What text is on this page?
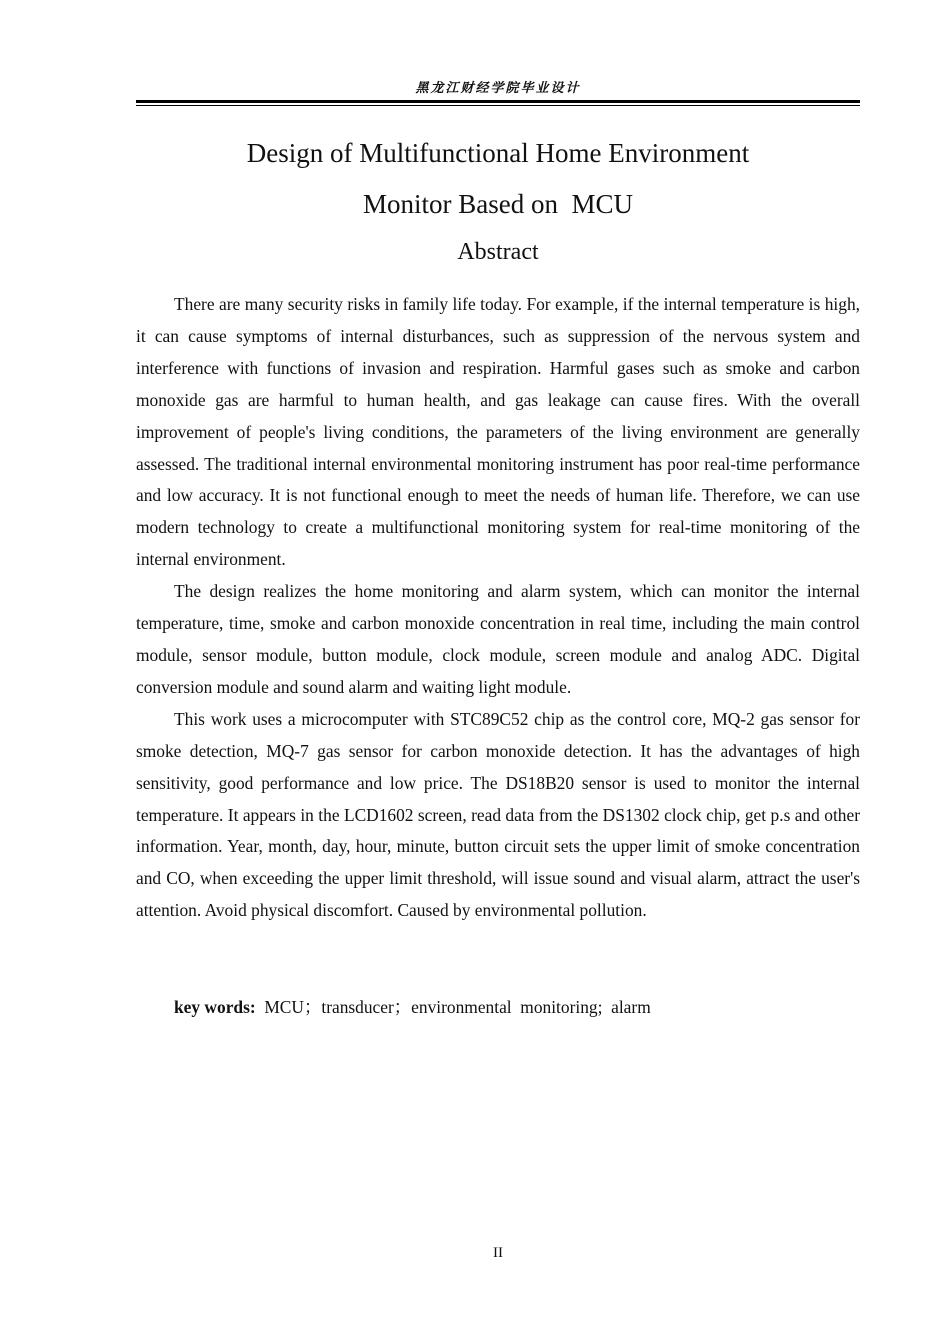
黑龙江财经学院毕业设计
Design of Multifunctional Home Environment
Monitor Based on  MCU
Abstract

There are many security risks in family life today. For example, if the internal temperature is high, it can cause symptoms of internal disturbances, such as suppression of the nervous system and interference with functions of invasion and respiration. Harmful gases such as smoke and carbon monoxide gas are harmful to human health, and gas leakage can cause fires. With the overall improvement of people's living conditions, the parameters of the living environment are generally assessed. The traditional internal environmental monitoring instrument has poor real-time performance and low accuracy. It is not functional enough to meet the needs of human life. Therefore, we can use modern technology to create a multifunctional monitoring system for real-time monitoring of the internal environment.

The design realizes the home monitoring and alarm system, which can monitor the internal temperature, time, smoke and carbon monoxide concentration in real time, including the main control module, sensor module, button module, clock module, screen module and analog ADC. Digital conversion module and sound alarm and waiting light module.

This work uses a microcomputer with STC89C52 chip as the control core, MQ-2 gas sensor for smoke detection, MQ-7 gas sensor for carbon monoxide detection. It has the advantages of high sensitivity, good performance and low price. The DS18B20 sensor is used to monitor the internal temperature. It appears in the LCD1602 screen, read data from the DS1302 clock chip, get p.s and other information. Year, month, day, hour, minute, button circuit sets the upper limit of smoke concentration and CO, when exceeding the upper limit threshold, will issue sound and visual alarm, attract the user's attention. Avoid physical discomfort. Caused by environmental pollution.

key words: MCU；transducer；environmental  monitoring;  alarm
II
